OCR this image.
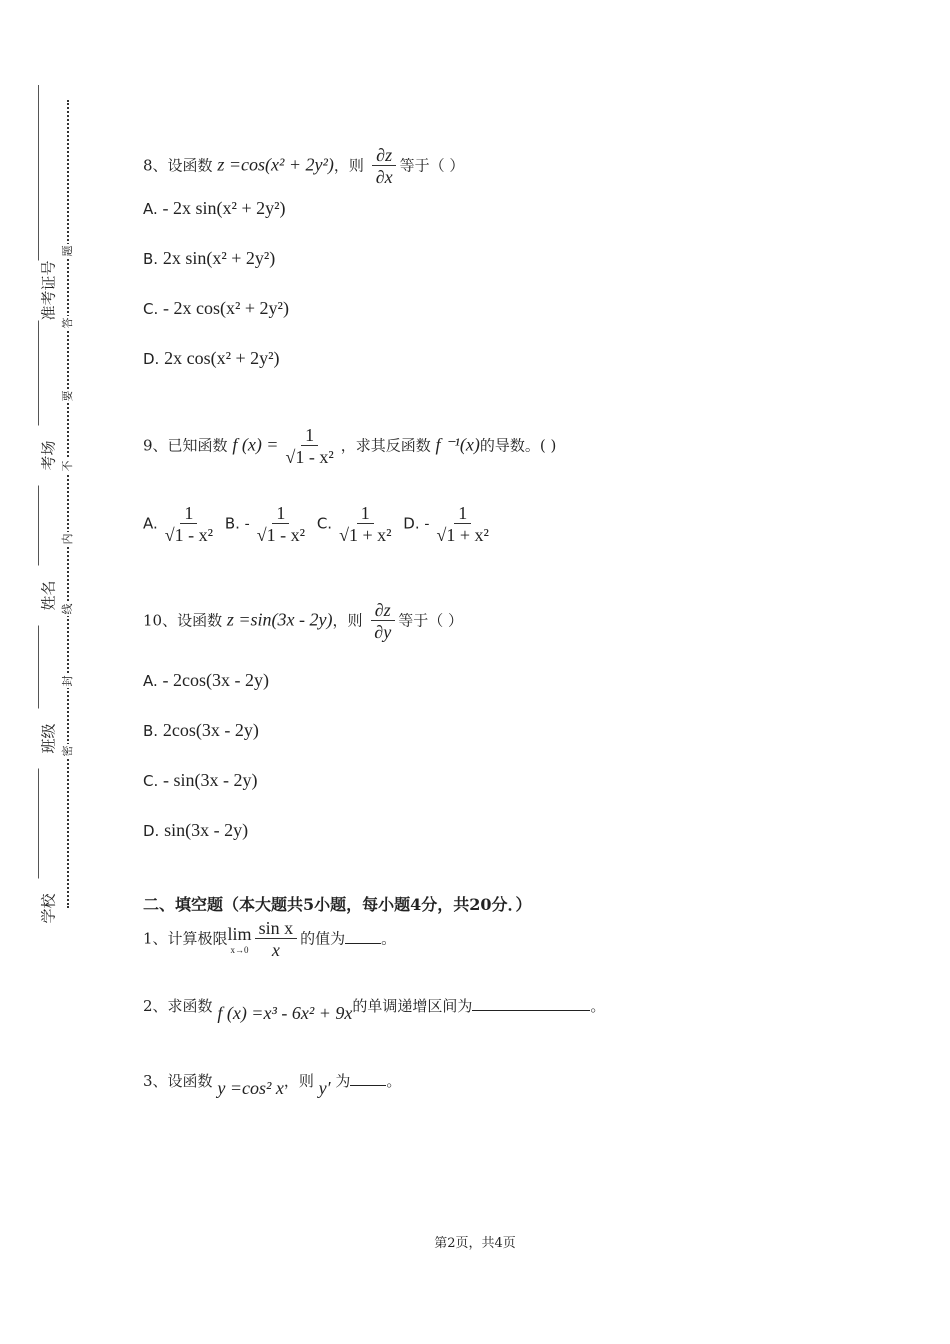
准考证号
考场
姓名
班级
学校
题
答
要
不
内
线
封
密
8、设函数 z =cos(x² + 2y²)，则 $\frac{\partial z}{\partial x}$ 等于（ ）
A. - 2x sin(x² + 2y²)
B. 2x sin(x² + 2y²)
C. - 2x cos(x² + 2y²)
D. 2x cos(x² + 2y²)
9、已知函数 f $(x) = \frac{1}{\text{√1 - x²}}$ ，求其反函数 f ⁻¹(x)的导数。( )
A. $\frac{1}{\text{√1 - x²}} B$. - $\frac{1}{\text{√1 - x²}} C$. $\frac{1}{\text{√1 + x²}} D$. - $\frac{1}{\text{√1 + x²}}$
10、设函数 z =sin(3x - 2y)，则 $\frac{\partial z}{\partial y}$ 等于（ ）
A. - 2cos(3x - 2y)
B. 2cos(3x - 2y)
C. - sin(3x - 2y)
D. sin(3x - 2y)
二、填空题（本大题共5小题，每小题4分，共20分．）
1、计算极限 lim
$x\to 0 \frac{\text{sin x}}{x}$ 的值为 。
2、求函数 f (x) =x³ - 6x² + 9x的单调递增区间为	。
3、设函数 y =cos² x，则 y′ 为 。
第2页，共4页
